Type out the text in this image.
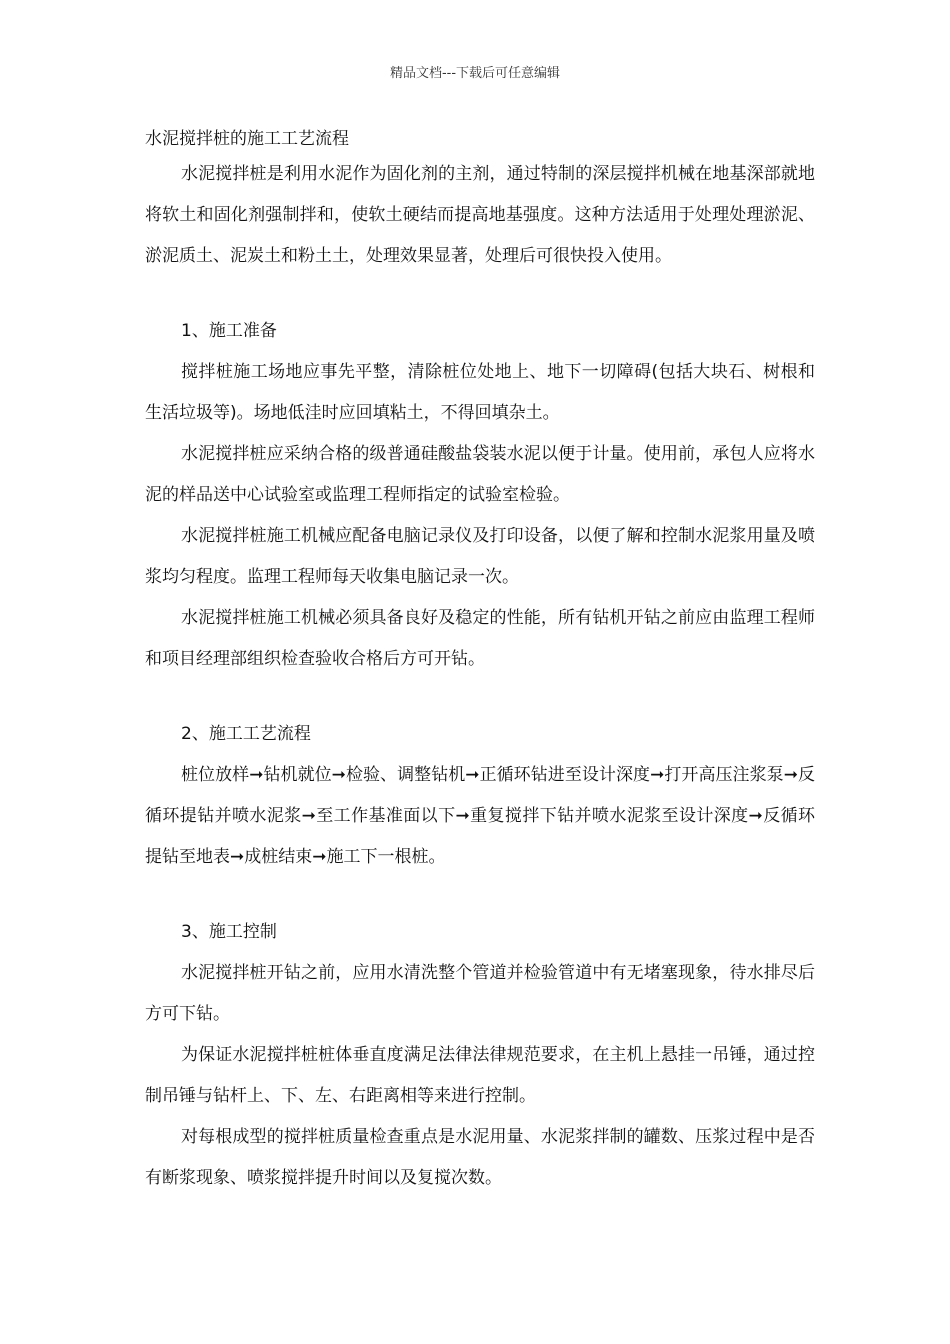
精品文档---下载后可任意编辑
水泥搅拌桩的施工工艺流程

水泥搅拌桩是利用水泥作为固化剂的主剂，通过特制的深层搅拌机械在地基深部就地将软土和固化剂强制拌和，使软土硬结而提高地基强度。这种方法适用于处理处理淤泥、淤泥质土、泥炭土和粉土土，处理效果显著，处理后可很快投入使用。

1、施工准备

搅拌桩施工场地应事先平整，清除桩位处地上、地下一切障碍(包括大块石、树根和生活垃圾等)。场地低洼时应回填粘土，不得回填杂土。

水泥搅拌桩应采纳合格的级普通硅酸盐袋装水泥以便于计量。使用前，承包人应将水泥的样品送中心试验室或监理工程师指定的试验室检验。

水泥搅拌桩施工机械应配备电脑记录仪及打印设备，以便了解和控制水泥浆用量及喷浆均匀程度。监理工程师每天收集电脑记录一次。

水泥搅拌桩施工机械必须具备良好及稳定的性能，所有钻机开钻之前应由监理工程师和项目经理部组织检查验收合格后方可开钻。

2、施工工艺流程

桩位放样➞钻机就位➞检验、调整钻机➞正循环钻进至设计深度➞打开高压注浆泵➞反循环提钻并喷水泥浆➞至工作基准面以下➞重复搅拌下钻并喷水泥浆至设计深度➞反循环提钻至地表➞成桩结束➞施工下一根桩。

3、施工控制

水泥搅拌桩开钻之前，应用水清洗整个管道并检验管道中有无堵塞现象，待水排尽后方可下钻。

为保证水泥搅拌桩桩体垂直度满足法律法律规范要求，在主机上悬挂一吊锤，通过控制吊锤与钻杆上、下、左、右距离相等来进行控制。

对每根成型的搅拌桩质量检查重点是水泥用量、水泥浆拌制的罐数、压浆过程中是否有断浆现象、喷浆搅拌提升时间以及复搅次数。
